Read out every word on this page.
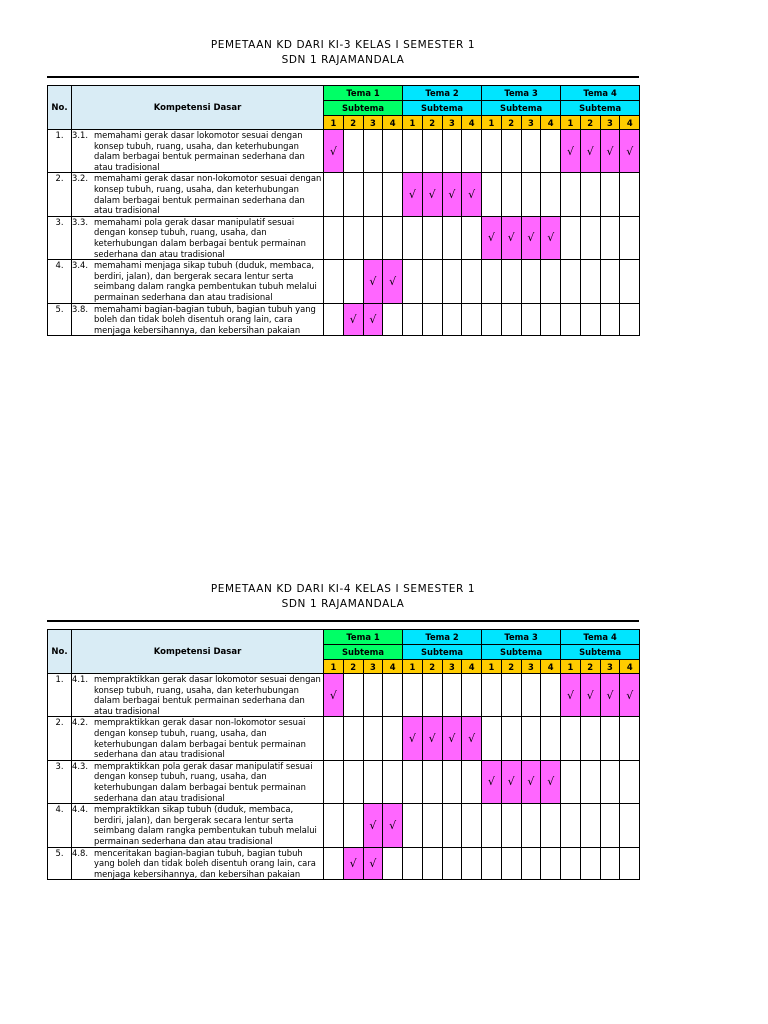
PEMETAAN KD DARI KI-3 KELAS I SEMESTER 1
SDN 1 RAJAMANDALA
No.	Kompetensi Dasar	Tema 1				Tema 2				Tema 3				Tema 4			
		Subtema				Subtema				Subtema				Subtema			
		1	2	3	4	1	2	3	4	1	2	3	4	1	2	3	4
1.	3.1. memahami gerak dasar lokomotor sesuai dengan konsep tubuh, ruang, usaha, dan keterhubungan dalam berbagai bentuk permainan sederhana dan atau tradisional	√												√	√	√	√
2.	3.2. memahami gerak dasar non-lokomotor sesuai dengan konsep tubuh, ruang, usaha, dan keterhubungan dalam berbagai bentuk permainan sederhana dan atau tradisional					√	√	√	√								
3.	3.3. memahami pola gerak dasar manipulatif sesuai dengan konsep tubuh, ruang, usaha, dan keterhubungan dalam berbagai bentuk permainan sederhana dan atau tradisional									√	√	√	√				
4.	3.4. memahami menjaga sikap tubuh (duduk, membaca, berdiri, jalan), dan bergerak secara lentur serta seimbang dalam rangka pembentukan tubuh melalui permainan sederhana dan atau tradisional			√	√												
5.	3.8. memahami bagian-bagian tubuh, bagian tubuh yang boleh dan tidak boleh disentuh orang lain, cara menjaga kebersihannya, dan kebersihan pakaian		√	√													
PEMETAAN KD DARI KI-4 KELAS I SEMESTER 1
SDN 1 RAJAMANDALA
No.	Kompetensi Dasar	Tema 1				Tema 2				Tema 3				Tema 4			
		Subtema				Subtema				Subtema				Subtema			
		1	2	3	4	1	2	3	4	1	2	3	4	1	2	3	4
1.	4.1. mempraktikkan gerak dasar lokomotor sesuai dengan konsep tubuh, ruang, usaha, dan keterhubungan dalam berbagai bentuk permainan sederhana dan atau tradisional	√												√	√	√	√
2.	4.2. mempraktikkan gerak dasar non-lokomotor sesuai dengan konsep tubuh, ruang, usaha, dan keterhubungan dalam berbagai bentuk permainan sederhana dan atau tradisional					√	√	√	√								
3.	4.3. mempraktikkan pola gerak dasar manipulatif sesuai dengan konsep tubuh, ruang, usaha, dan keterhubungan dalam berbagai bentuk permainan sederhana dan atau tradisional									√	√	√	√				
4.	4.4. mempraktikkan sikap tubuh (duduk, membaca, berdiri, jalan), dan bergerak secara lentur serta seimbang dalam rangka pembentukan tubuh melalui permainan sederhana dan atau tradisional			√	√												
5.	4.8. menceritakan bagian-bagian tubuh, bagian tubuh yang boleh dan tidak boleh disentuh orang lain, cara menjaga kebersihannya, dan kebersihan pakaian		√	√													
